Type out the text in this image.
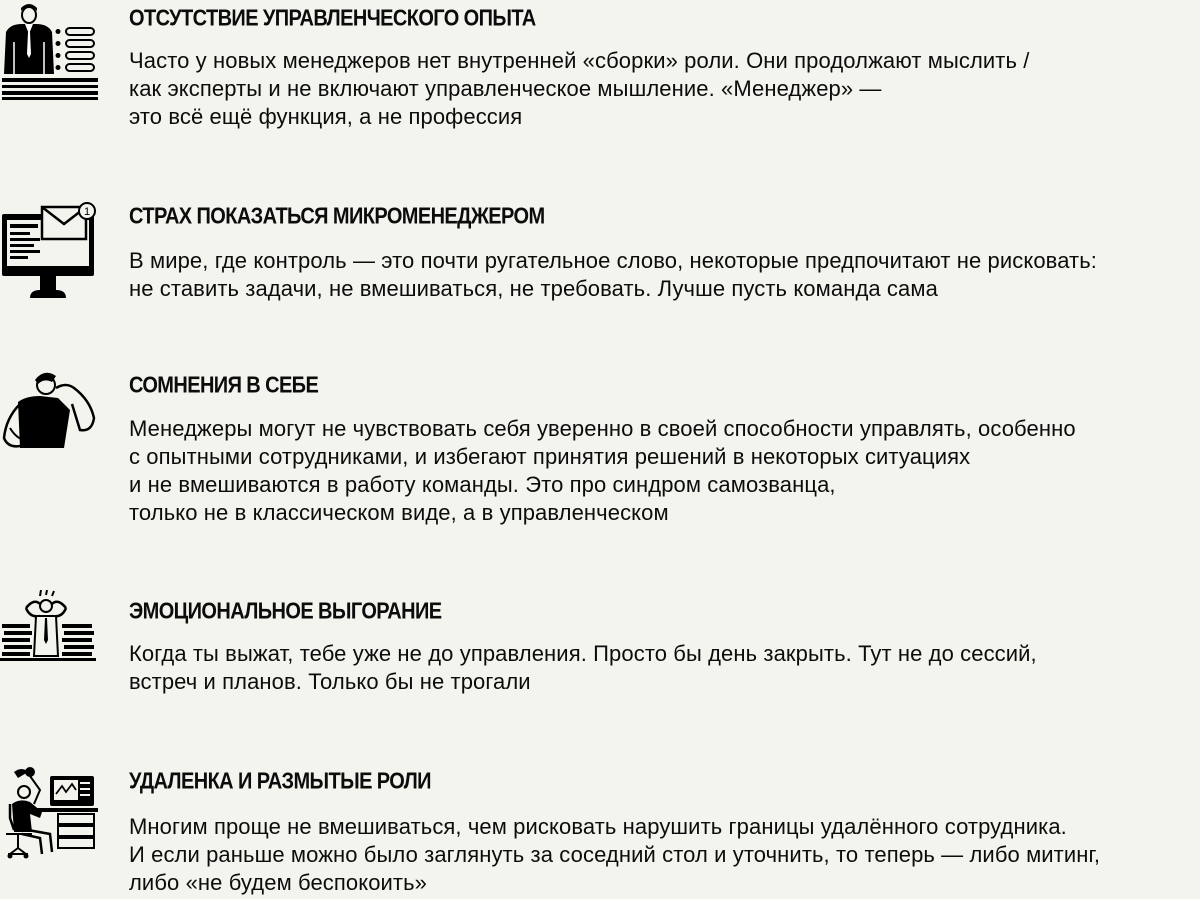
ОТСУТСТВИЕ УПРАВЛЕНЧЕСКОГО ОПЫТА

Часто у новых менеджеров нет внутренней «сборки» роли. Они продолжают мыслить /
как эксперты и не включают управленческое мышление. «Менеджер» —
это всё ещё функция, а не профессия

1 СТРАХ ПОКАЗАТЬСЯ МИКРОМЕНЕДЖЕРОМ

В мире, где контроль — это почти ругательное слово, некоторые предпочитают не рисковать:
не ставить задачи, не вмешиваться, не требовать. Лучше пусть команда сама

СОМНЕНИЯ В СЕБЕ

Менеджеры могут не чувствовать себя уверенно в своей способности управлять, особенно
с опытными сотрудниками, и избегают принятия решений в некоторых ситуациях
и не вмешиваются в работу команды. Это про синдром самозванца,
только не в классическом виде, а в управленческом

ЭМОЦИОНАЛЬНОЕ ВЫГОРАНИЕ

Когда ты выжат, тебе уже не до управления. Просто бы день закрыть. Тут не до сессий,
встреч и планов. Только бы не трогали

УДАЛЕНКА И РАЗМЫТЫЕ РОЛИ

Многим проще не вмешиваться, чем рисковать нарушить границы удалённого сотрудника.
И если раньше можно было заглянуть за соседний стол и уточнить, то теперь — либо митинг,
либо «не будем беспокоить»
